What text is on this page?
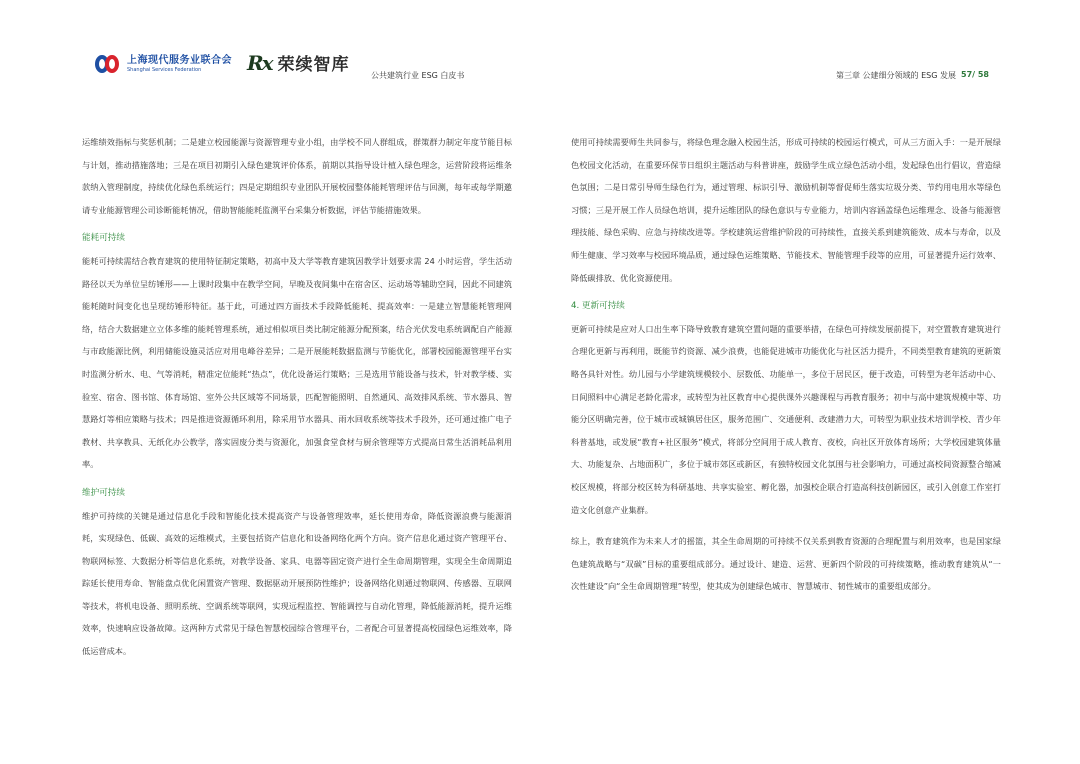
上海现代服务业联合会
Shanghai Services Federation	Rx 荣续智库
公共建筑行业 ESG 白皮书	第三章 公建细分领域的 ESG 发展 57/ 58

运维绩效指标与奖惩机制；二是建立校园能源与资源管理专业小组，由学校不同人群组成，群策群力制定年度节能目标与计划，推动措施落地；三是在项目初期引入绿色建筑评价体系，前期以其指导设计植入绿色理念，运营阶段将运维条款纳入管理制度，持续优化绿色系统运行；四是定期组织专业团队开展校园整体能耗管理评估与回测，每年或每学期邀请专业能源管理公司诊断能耗情况，借助智能能耗监测平台采集分析数据，评估节能措施效果。

能耗可持续

能耗可持续需结合教育建筑的使用特征制定策略，初高中及大学等教育建筑因教学计划要求需 24 小时运营，学生活动路径以天为单位呈纺锤形——上课时段集中在教学空间，早晚及夜间集中在宿舍区、运动场等辅助空间，因此不同建筑能耗随时间变化也呈现纺锤形特征。基于此，可通过四方面技术手段降低能耗、提高效率：一是建立智慧能耗管理网络，结合大数据建立立体多维的能耗管理系统，通过相似项目类比制定能源分配预案，结合光伏发电系统调配自产能源与市政能源比例，利用储能设施灵活应对用电峰谷差异；二是开展能耗数据监测与节能优化，部署校园能源管理平台实时监测分析水、电、气等消耗，精准定位能耗“热点”，优化设备运行策略；三是选用节能设备与技术，针对教学楼、实验室、宿舍、图书馆、体育场馆、室外公共区域等不同场景，匹配智能照明、自然通风、高效排风系统、节水器具、智慧路灯等相应策略与技术；四是推进资源循环利用，除采用节水器具、雨水回收系统等技术手段外，还可通过推广电子教材、共享教具、无纸化办公教学，落实固废分类与资源化，加强食堂食材与厨余管理等方式提高日常生活消耗品利用率。

维护可持续

维护可持续的关键是通过信息化手段和智能化技术提高资产与设备管理效率，延长使用寿命，降低资源浪费与能源消耗，实现绿色、低碳、高效的运维模式，主要包括资产信息化和设备网络化两个方向。资产信息化通过资产管理平台、物联网标签、大数据分析等信息化系统，对教学设备、家具、电器等固定资产进行全生命周期管理，实现全生命周期追踪延长使用寿命、智能盘点优化闲置资产管理、数据驱动开展预防性维护；设备网络化则通过物联网、传感器、互联网等技术，将机电设备、照明系统、空调系统等联网，实现远程监控、智能调控与自动化管理，降低能源消耗，提升运维效率，快速响应设备故障。这两种方式常见于绿色智慧校园综合管理平台，二者配合可显著提高校园绿色运维效率，降低运营成本。

使用可持续需要师生共同参与，将绿色理念融入校园生活，形成可持续的校园运行模式，可从三方面入手：一是开展绿色校园文化活动，在重要环保节日组织主题活动与科普讲座，鼓励学生成立绿色活动小组，发起绿色出行倡议，营造绿色氛围；二是日常引导师生绿色行为，通过管理、标识引导、激励机制等督促师生落实垃圾分类、节约用电用水等绿色习惯；三是开展工作人员绿色培训，提升运维团队的绿色意识与专业能力，培训内容涵盖绿色运维理念、设备与能源管理技能、绿色采购、应急与持续改进等。学校建筑运营维护阶段的可持续性，直接关系到建筑能效、成本与寿命，以及师生健康、学习效率与校园环境品质，通过绿色运维策略、节能技术、智能管理手段等的应用，可显著提升运行效率、降低碳排放、优化资源使用。

4. 更新可持续

更新可持续是应对人口出生率下降导致教育建筑空置问题的重要举措，在绿色可持续发展前提下，对空置教育建筑进行合理化更新与再利用，既能节约资源、减少浪费，也能促进城市功能优化与社区活力提升，不同类型教育建筑的更新策略各具针对性。幼儿园与小学建筑规模较小、层数低、功能单一，多位于居民区，便于改造，可转型为老年活动中心、日间照料中心满足老龄化需求，或转型为社区教育中心提供课外兴趣课程与再教育服务；初中与高中建筑规模中等、功能分区明确完善，位于城市或城镇居住区，服务范围广、交通便利、改建潜力大，可转型为职业技术培训学校、青少年科普基地，或发展“教育+社区服务”模式，将部分空间用于成人教育、夜校，向社区开放体育场所；大学校园建筑体量大、功能复杂、占地面积广，多位于城市郊区或新区，有独特校园文化氛围与社会影响力，可通过高校间资源整合缩减校区规模，将部分校区转为科研基地、共享实验室、孵化器，加强校企联合打造高科技创新园区，或引入创意工作室打造文化创意产业集群。

综上，教育建筑作为未来人才的摇篮，其全生命周期的可持续不仅关系到教育资源的合理配置与利用效率，也是国家绿色建筑战略与“双碳”目标的重要组成部分。通过设计、建造、运营、更新四个阶段的可持续策略，推动教育建筑从“一次性建设”向“全生命周期管理”转型，使其成为创建绿色城市、智慧城市、韧性城市的重要组成部分。
